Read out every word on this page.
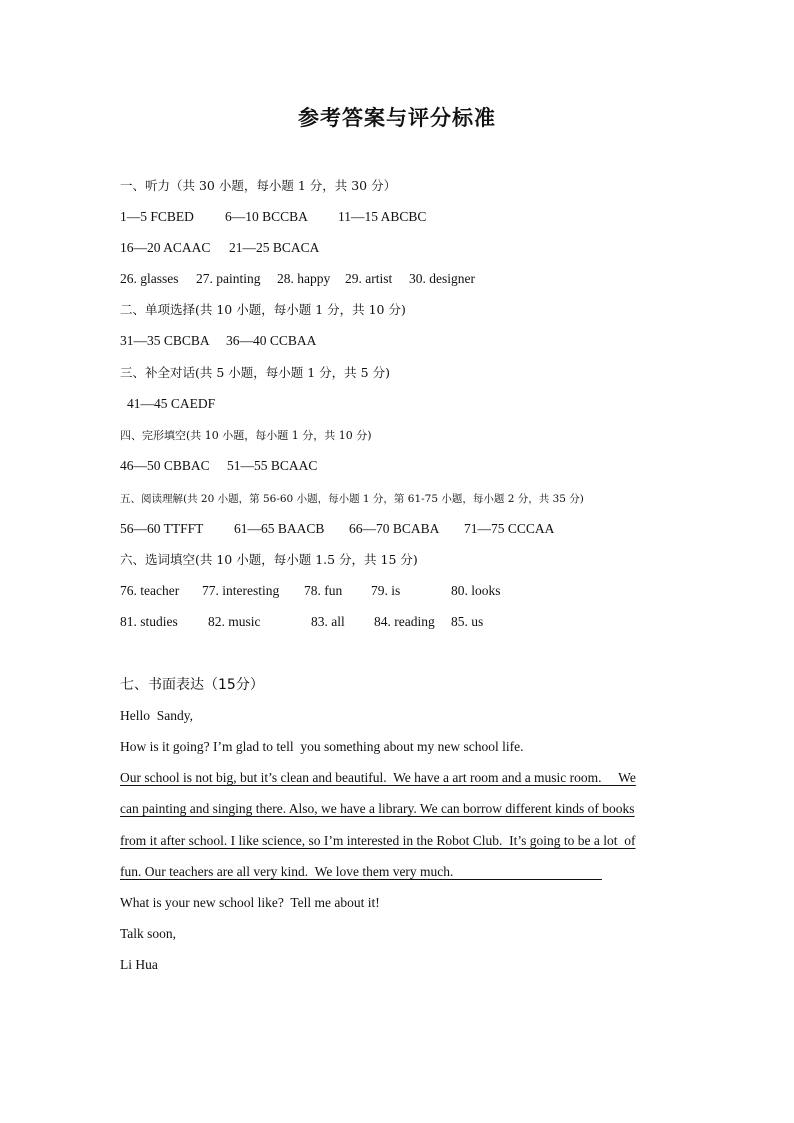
参考答案与评分标准
一、听力（共 30 小题，每小题 1 分，共 30 分）

1—5 FCBED

6—10 BCCBA

11—15 ABCBC

16—20 ACAAC

21—25 BCACA

26. glasses

27. painting

28. happy

29. artist

30. designer

二、单项选择(共 10 小题，每小题 1 分，共 10 分)

31—35 CBCBA

36—40 CCBAA

三、补全对话(共 5 小题，每小题 1 分，共 5 分)

41—45 CAEDF

四、完形填空(共 10 小题，每小题 1 分，共 10 分)

46—50 CBBAC

51—55 BCAAC

五、阅读理解(共 20 小题，第 56-60 小题，每小题 1 分，第 61-75 小题，每小题 2 分，共 35 分)

56—60 TTFFT

61—65 BAACB

66—70 BCABA

71—75 CCCAA

六、选词填空(共 10 小题，每小题 1.5 分，共 15 分)

76. teacher

77. interesting

78. fun

79. is

	80. looks

81. studies

82. music

	83. all

84. reading

85. us

七、书面表达（15分）
Hello  Sandy,
How is it going? I’m glad to tell  you something about my new school life.
Our school is not big, but it’s clean and beautiful.  We have a art room and a music room.     We
can painting and singing there. Also, we have a library. We can borrow different kinds of books
from it after school. I like science, so I’m interested in the Robot Club.  It’s going to be a lot  of
fun. Our teachers are all very kind.  We love them very much.
What is your new school like?  Tell me about it!
Talk soon,
Li Hua
